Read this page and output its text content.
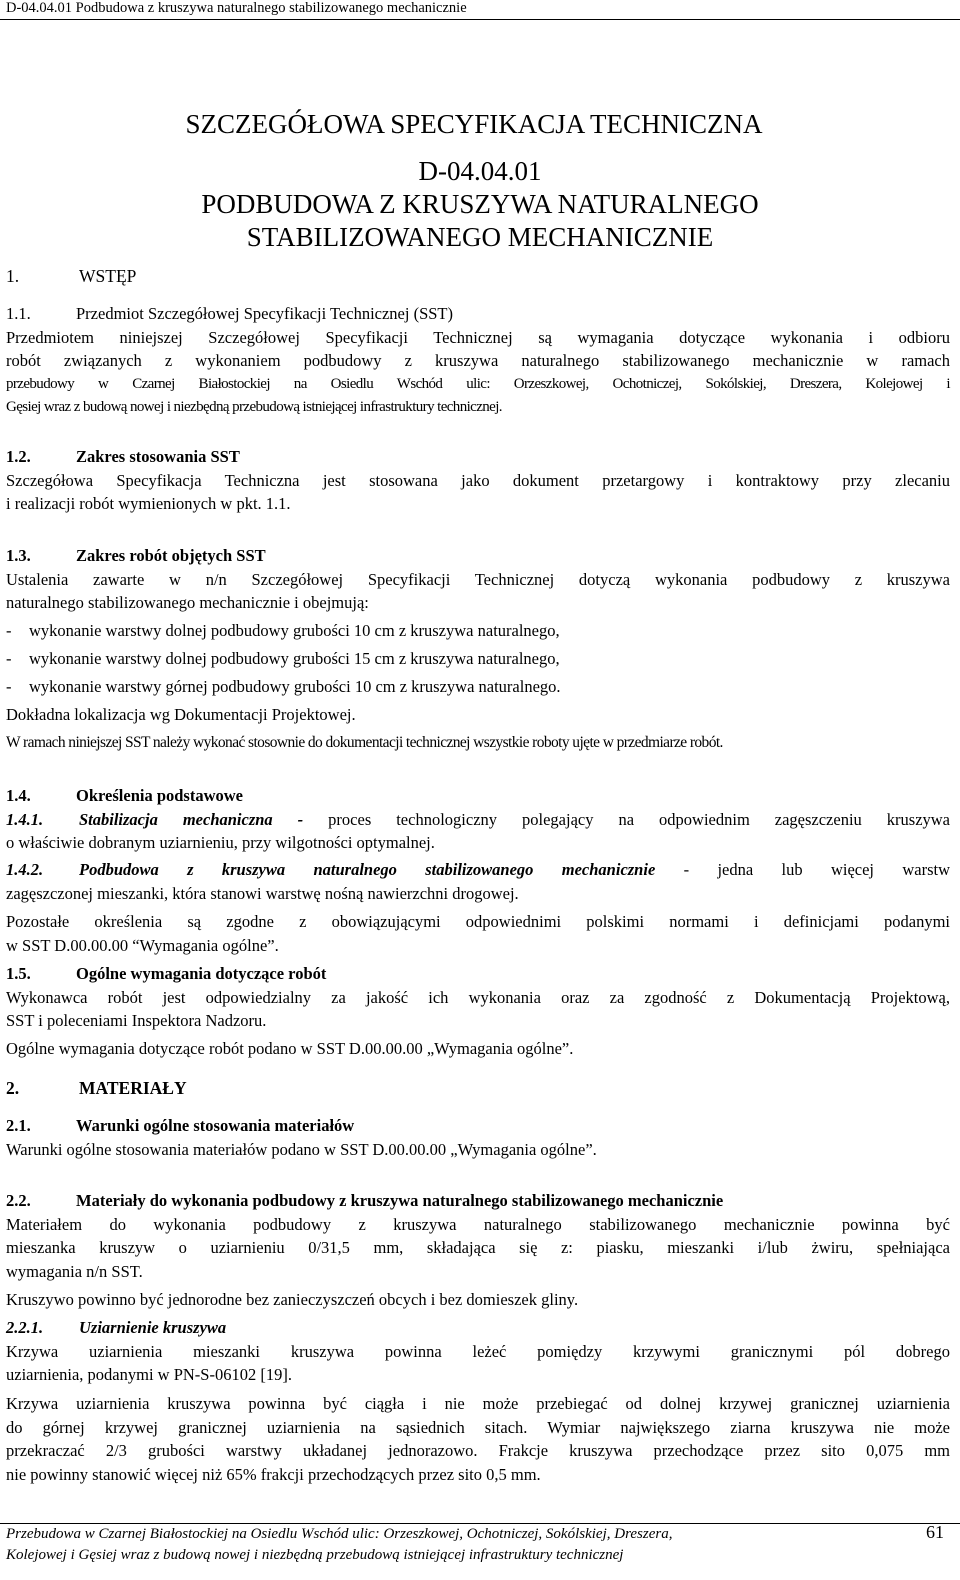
D-04.04.01 Podbudowa z kruszywa naturalnego stabilizowanego mechanicznie
SZCZEGÓŁOWA SPECYFIKACJA TECHNICZNA
D-04.04.01
PODBUDOWA Z KRUSZYWA NATURALNEGO
STABILIZOWANEGO MECHANICZNIE
1.	WSTĘP
1.1.	Przedmiot Szczegółowej Specyfikacji Technicznej (SST)
Przedmiotem niniejszej Szczegółowej Specyfikacji Technicznej są wymagania dotyczące wykonania i odbioru
robót związanych z wykonaniem podbudowy z kruszywa naturalnego stabilizowanego mechanicznie w ramach
przebudowy w Czarnej Białostockiej na Osiedlu Wschód ulic: Orzeszkowej, Ochotniczej, Sokólskiej, Dreszera, Kolejowej i
Gęsiej wraz z budową nowej i niezbędną przebudową istniejącej infrastruktury technicznej.
1.2.	Zakres stosowania SST
Szczegółowa Specyfikacja Techniczna jest stosowana jako dokument przetargowy i kontraktowy przy zlecaniu
i realizacji robót wymienionych w pkt. 1.1.
1.3.	Zakres robót objętych SST
Ustalenia zawarte w n/n Szczegółowej Specyfikacji Technicznej dotyczą wykonania podbudowy z kruszywa
naturalnego stabilizowanego mechanicznie i obejmują:
- wykonanie warstwy dolnej podbudowy grubości 10 cm z kruszywa naturalnego,
- wykonanie warstwy dolnej podbudowy grubości 15 cm z kruszywa naturalnego,
- wykonanie warstwy górnej podbudowy grubości 10 cm z kruszywa naturalnego.
Dokładna lokalizacja wg Dokumentacji Projektowej.
W ramach niniejszej SST należy wykonać stosownie do dokumentacji technicznej wszystkie roboty ujęte w przedmiarze robót.
1.4.	Określenia podstawowe
1.4.1. Stabilizacja mechaniczna - proces technologiczny polegający na odpowiednim zagęszczeniu kruszywa
o właściwie dobranym uziarnieniu, przy wilgotności optymalnej.
1.4.2. Podbudowa z kruszywa naturalnego stabilizowanego mechanicznie - jedna lub więcej warstw
zagęszczonej mieszanki, która stanowi warstwę nośną nawierzchni drogowej.
Pozostałe określenia są zgodne z obowiązującymi odpowiednimi polskimi normami i definicjami podanymi
w SST D.00.00.00 “Wymagania ogólne”.
1.5.	Ogólne wymagania dotyczące robót
Wykonawca robót jest odpowiedzialny za jakość ich wykonania oraz za zgodność z Dokumentacją Projektową,
SST i poleceniami Inspektora Nadzoru.
Ogólne wymagania dotyczące robót podano w SST D.00.00.00 „Wymagania ogólne”.
2.	MATERIAŁY
2.1.	Warunki ogólne stosowania materiałów
Warunki ogólne stosowania materiałów podano w SST D.00.00.00 „Wymagania ogólne”.
2.2.	Materiały do wykonania podbudowy z kruszywa naturalnego stabilizowanego mechanicznie
Materiałem do wykonania podbudowy z kruszywa naturalnego stabilizowanego mechanicznie powinna być
mieszanka kruszyw o uziarnieniu 0/31,5 mm, składająca się z: piasku, mieszanki i/lub żwiru, spełniająca
wymagania n/n SST.
Kruszywo powinno być jednorodne bez zanieczyszczeń obcych i bez domieszek gliny.
2.2.1. Uziarnienie kruszywa
Krzywa uziarnienia mieszanki kruszywa powinna leżeć pomiędzy krzywymi granicznymi pól dobrego
uziarnienia, podanymi w PN-S-06102 [19].
Krzywa uziarnienia kruszywa powinna być ciągła i nie może przebiegać od dolnej krzywej granicznej uziarnienia
do górnej krzywej granicznej uziarnienia na sąsiednich sitach. Wymiar największego ziarna kruszywa nie może
przekraczać 2/3 grubości warstwy układanej jednorazowo. Frakcje kruszywa przechodzące przez sito 0,075 mm
nie powinny stanowić więcej niż 65% frakcji przechodzących przez sito 0,5 mm.
Przebudowa w Czarnej Białostockiej na Osiedlu Wschód ulic: Orzeszkowej, Ochotniczej, Sokólskiej, Dreszera,
Kolejowej i Gęsiej wraz z budową nowej i niezbędną przebudową istniejącej infrastruktury technicznej
61
